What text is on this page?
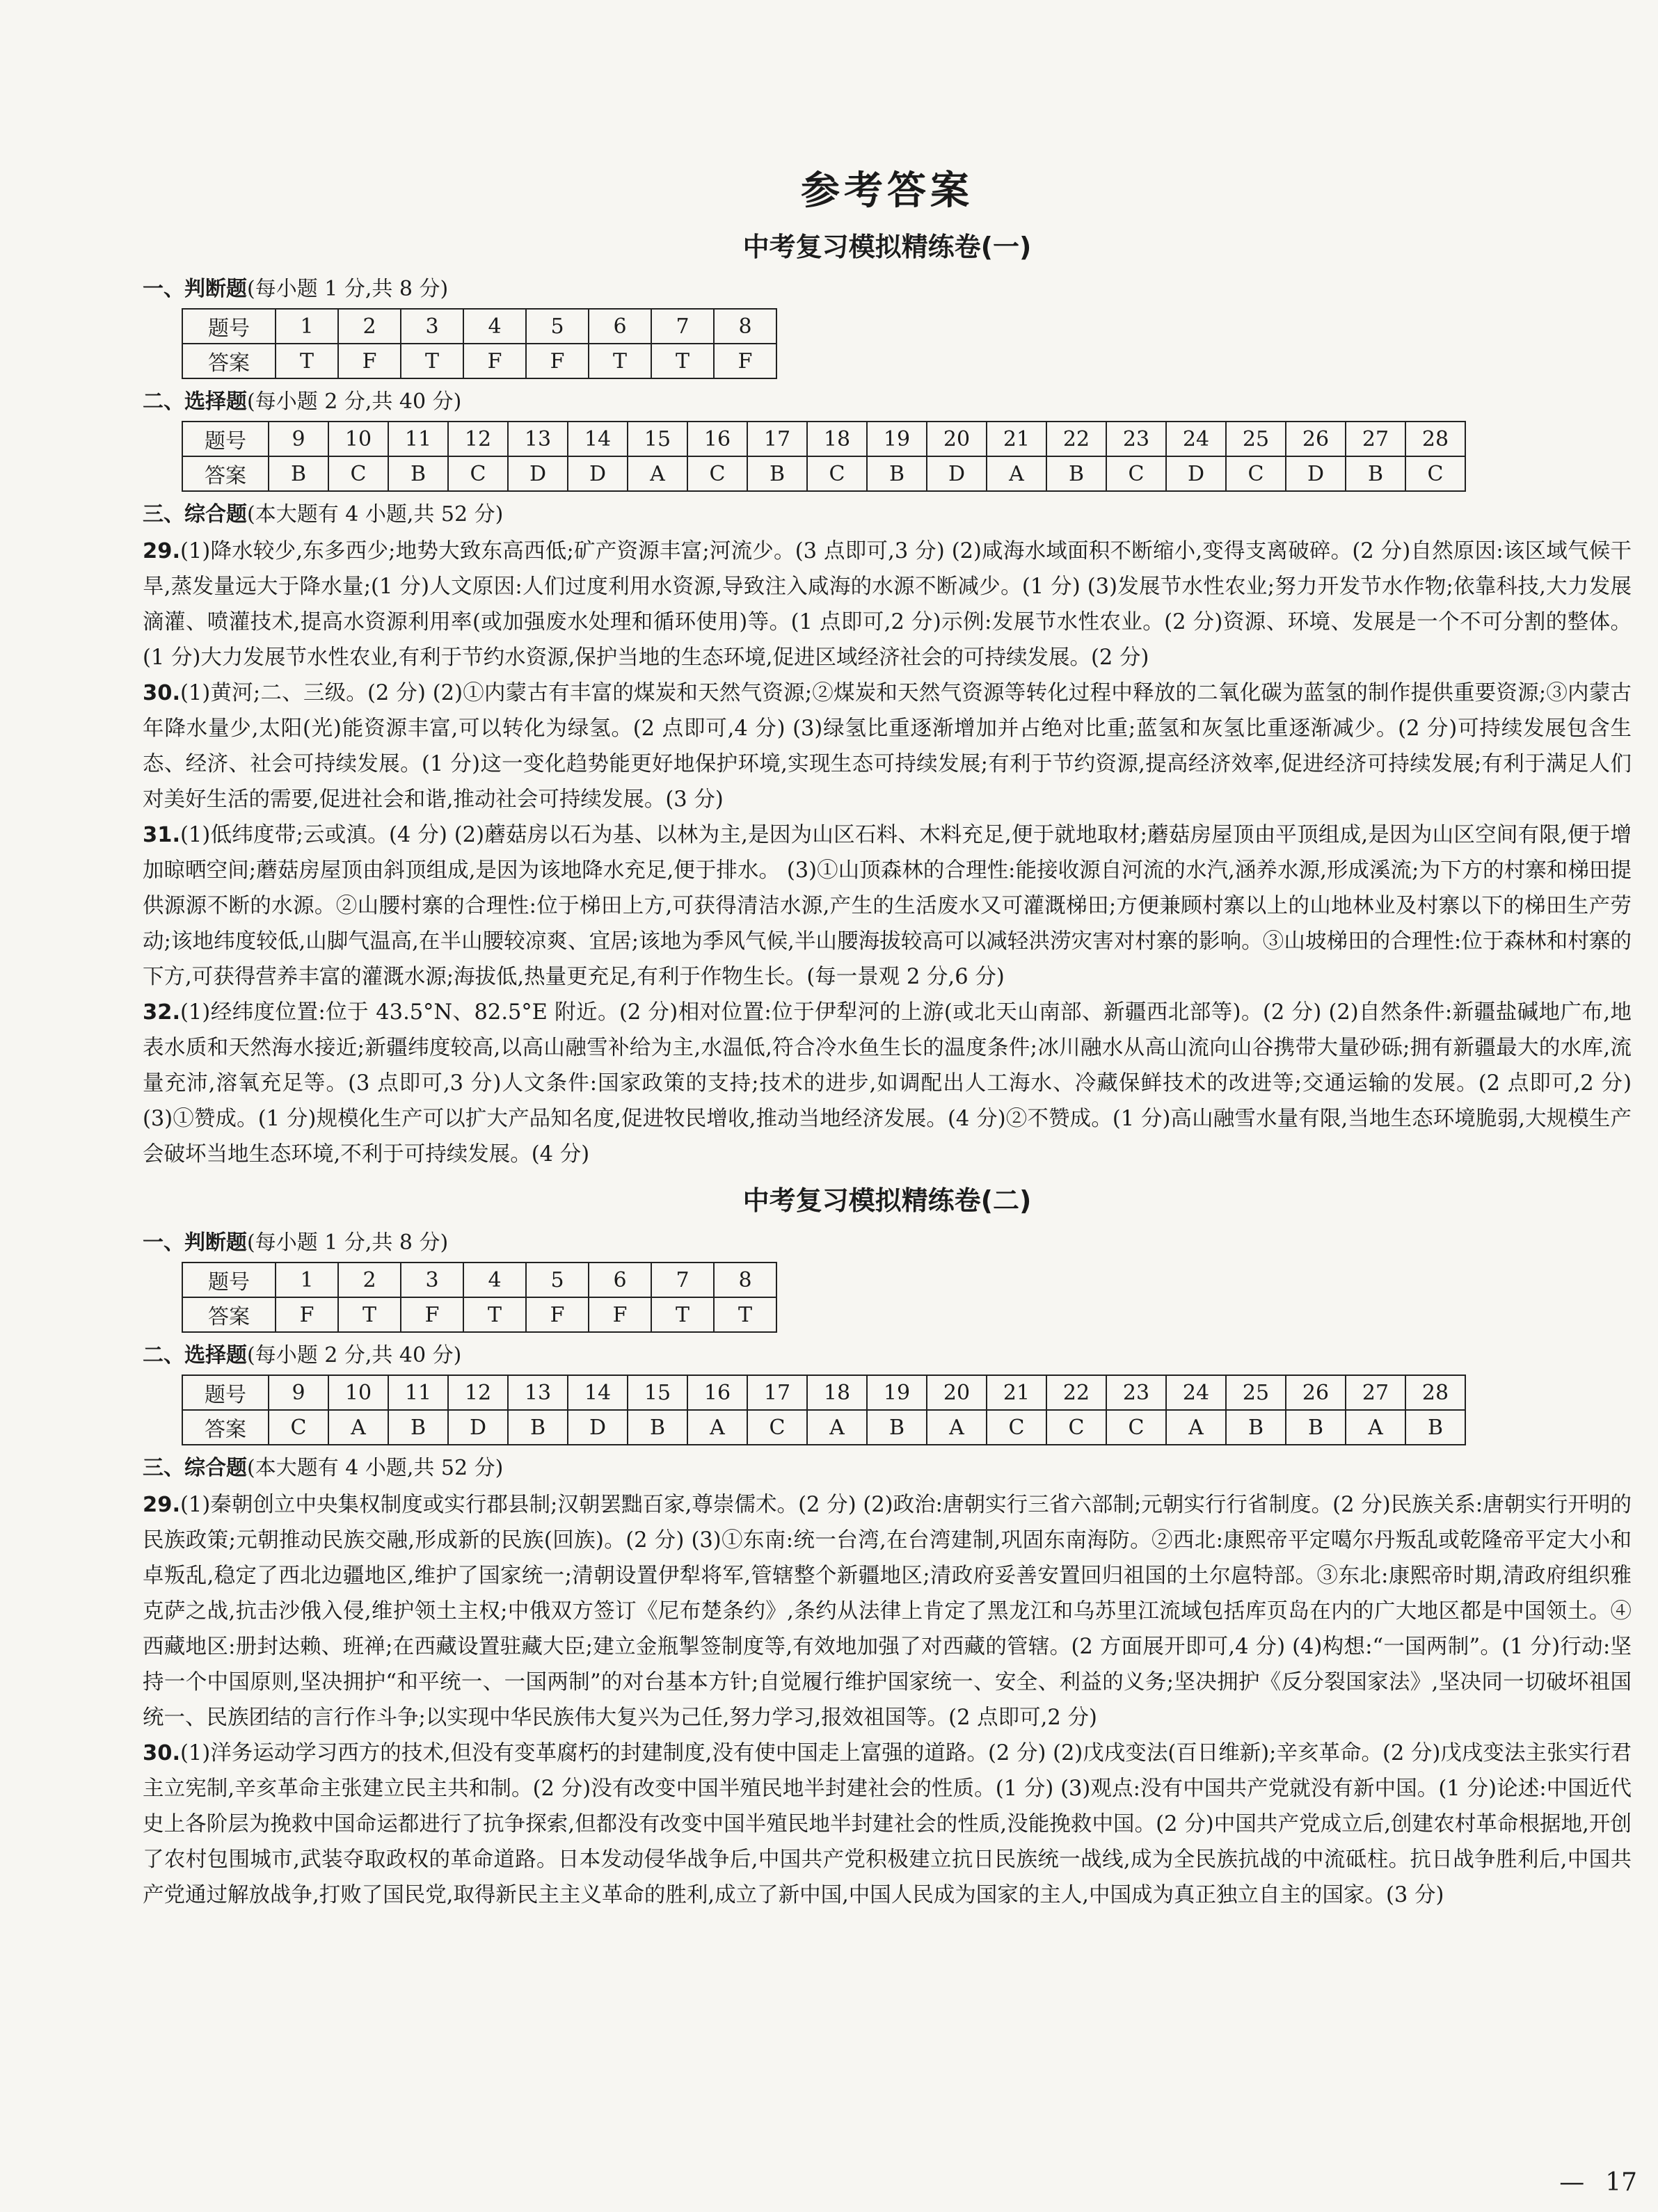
参考答案
中考复习模拟精练卷(一)
一、判断题(每小题 1 分,共 8 分)
题号	1	2	3	4	5	6	7	8
答案	T	F	T	F	F	T	T	F
二、选择题(每小题 2 分,共 40 分)
题号	9	10	11	12	13	14	15	16	17	18	19	20	21	22	23	24	25	26	27	28
答案	B	C	B	C	D	D	A	C	B	C	B	D	A	B	C	D	C	D	B	C
三、综合题(本大题有 4 小题,共 52 分)
29.(1)降水较少,东多西少;地势大致东高西低;矿产资源丰富;河流少。(3 点即可,3 分) (2)咸海水域面积不断缩小,变得支离破碎。(2 分)自然原因:该区域气候干旱,蒸发量远大于降水量;(1 分)人文原因:人们过度利用水资源,导致注入咸海的水源不断减少。(1 分) (3)发展节水性农业;努力开发节水作物;依靠科技,大力发展滴灌、喷灌技术,提高水资源利用率(或加强废水处理和循环使用)等。(1 点即可,2 分)示例:发展节水性农业。(2 分)资源、环境、发展是一个不可分割的整体。(1 分)大力发展节水性农业,有利于节约水资源,保护当地的生态环境,促进区域经济社会的可持续发展。(2 分)
30.(1)黄河;二、三级。(2 分) (2)①内蒙古有丰富的煤炭和天然气资源;②煤炭和天然气资源等转化过程中释放的二氧化碳为蓝氢的制作提供重要资源;③内蒙古年降水量少,太阳(光)能资源丰富,可以转化为绿氢。(2 点即可,4 分) (3)绿氢比重逐渐增加并占绝对比重;蓝氢和灰氢比重逐渐减少。(2 分)可持续发展包含生态、经济、社会可持续发展。(1 分)这一变化趋势能更好地保护环境,实现生态可持续发展;有利于节约资源,提高经济效率,促进经济可持续发展;有利于满足人们对美好生活的需要,促进社会和谐,推动社会可持续发展。(3 分)
31.(1)低纬度带;云或滇。(4 分) (2)蘑菇房以石为基、以林为主,是因为山区石料、木料充足,便于就地取材;蘑菇房屋顶由平顶组成,是因为山区空间有限,便于增加晾晒空间;蘑菇房屋顶由斜顶组成,是因为该地降水充足,便于排水。 (3)①山顶森林的合理性:能接收源自河流的水汽,涵养水源,形成溪流;为下方的村寨和梯田提供源源不断的水源。②山腰村寨的合理性:位于梯田上方,可获得清洁水源,产生的生活废水又可灌溉梯田;方便兼顾村寨以上的山地林业及村寨以下的梯田生产劳动;该地纬度较低,山脚气温高,在半山腰较凉爽、宜居;该地为季风气候,半山腰海拔较高可以减轻洪涝灾害对村寨的影响。③山坡梯田的合理性:位于森林和村寨的下方,可获得营养丰富的灌溉水源;海拔低,热量更充足,有利于作物生长。(每一景观 2 分,6 分)
32.(1)经纬度位置:位于 43.5°N、82.5°E 附近。(2 分)相对位置:位于伊犁河的上游(或北天山南部、新疆西北部等)。(2 分) (2)自然条件:新疆盐碱地广布,地表水质和天然海水接近;新疆纬度较高,以高山融雪补给为主,水温低,符合冷水鱼生长的温度条件;冰川融水从高山流向山谷携带大量砂砾;拥有新疆最大的水库,流量充沛,溶氧充足等。(3 点即可,3 分)人文条件:国家政策的支持;技术的进步,如调配出人工海水、冷藏保鲜技术的改进等;交通运输的发展。(2 点即可,2 分) (3)①赞成。(1 分)规模化生产可以扩大产品知名度,促进牧民增收,推动当地经济发展。(4 分)②不赞成。(1 分)高山融雪水量有限,当地生态环境脆弱,大规模生产会破坏当地生态环境,不利于可持续发展。(4 分)
中考复习模拟精练卷(二)
一、判断题(每小题 1 分,共 8 分)
题号	1	2	3	4	5	6	7	8
答案	F	T	F	T	F	F	T	T
二、选择题(每小题 2 分,共 40 分)
题号	9	10	11	12	13	14	15	16	17	18	19	20	21	22	23	24	25	26	27	28
答案	C	A	B	D	B	D	B	A	C	A	B	A	C	C	C	A	B	B	A	B
三、综合题(本大题有 4 小题,共 52 分)
29.(1)秦朝创立中央集权制度或实行郡县制;汉朝罢黜百家,尊崇儒术。(2 分) (2)政治:唐朝实行三省六部制;元朝实行行省制度。(2 分)民族关系:唐朝实行开明的民族政策;元朝推动民族交融,形成新的民族(回族)。(2 分) (3)①东南:统一台湾,在台湾建制,巩固东南海防。②西北:康熙帝平定噶尔丹叛乱或乾隆帝平定大小和卓叛乱,稳定了西北边疆地区,维护了国家统一;清朝设置伊犁将军,管辖整个新疆地区;清政府妥善安置回归祖国的土尔扈特部。③东北:康熙帝时期,清政府组织雅克萨之战,抗击沙俄入侵,维护领土主权;中俄双方签订《尼布楚条约》,条约从法律上肯定了黑龙江和乌苏里江流域包括库页岛在内的广大地区都是中国领土。④西藏地区:册封达赖、班禅;在西藏设置驻藏大臣;建立金瓶掣签制度等,有效地加强了对西藏的管辖。(2 方面展开即可,4 分) (4)构想:“一国两制”。(1 分)行动:坚持一个中国原则,坚决拥护“和平统一、一国两制”的对台基本方针;自觉履行维护国家统一、安全、利益的义务;坚决拥护《反分裂国家法》,坚决同一切破坏祖国统一、民族团结的言行作斗争;以实现中华民族伟大复兴为己任,努力学习,报效祖国等。(2 点即可,2 分)
30.(1)洋务运动学习西方的技术,但没有变革腐朽的封建制度,没有使中国走上富强的道路。(2 分) (2)戊戌变法(百日维新);辛亥革命。(2 分)戊戌变法主张实行君主立宪制,辛亥革命主张建立民主共和制。(2 分)没有改变中国半殖民地半封建社会的性质。(1 分) (3)观点:没有中国共产党就没有新中国。(1 分)论述:中国近代史上各阶层为挽救中国命运都进行了抗争探索,但都没有改变中国半殖民地半封建社会的性质,没能挽救中国。(2 分)中国共产党成立后,创建农村革命根据地,开创了农村包围城市,武装夺取政权的革命道路。日本发动侵华战争后,中国共产党积极建立抗日民族统一战线,成为全民族抗战的中流砥柱。抗日战争胜利后,中国共产党通过解放战争,打败了国民党,取得新民主主义革命的胜利,成立了新中国,中国人民成为国家的主人,中国成为真正独立自主的国家。(3 分)
— 17
